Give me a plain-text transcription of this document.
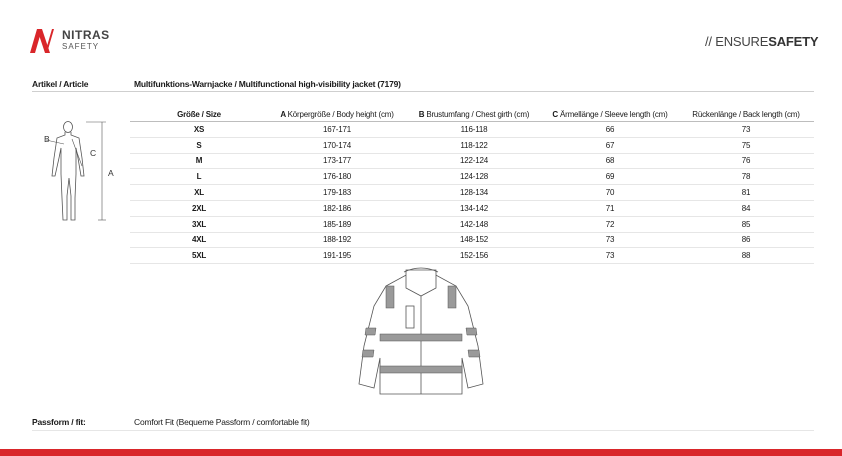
NITRAS
SAFETY	// ENSURESAFETY
Artikel / Article	Multifunktions-Warnjacke / Multifunctional high-visibility jacket (7179)
B
C
A
Größe / Size	A Körpergröße / Body height (cm)	B Brustumfang / Chest girth (cm)	C Ärmellänge / Sleeve length (cm)	Rückenlänge / Back length (cm)
XS	167-171	116-118	66	73
S	170-174	118-122	67	75
M	173-177	122-124	68	76
L	176-180	124-128	69	78
XL	179-183	128-134	70	81
2XL	182-186	134-142	71	84
3XL	185-189	142-148	72	85
4XL	188-192	148-152	73	86
5XL	191-195	152-156	73	88
Passform / fit:	Comfort Fit (Bequeme Passform / comfortable fit)
